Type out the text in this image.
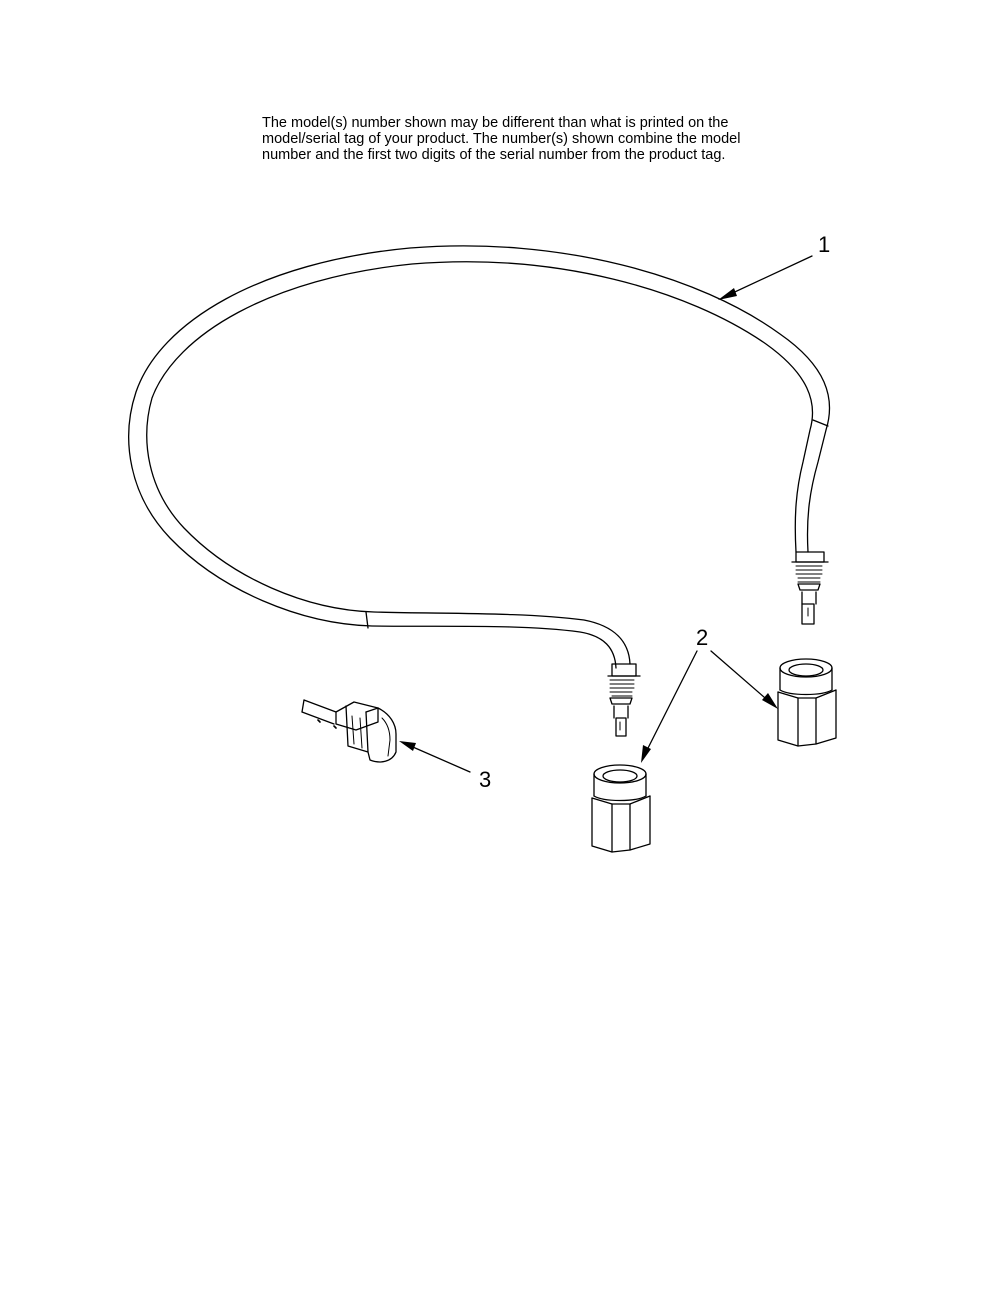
The model(s) number shown may be different than what is printed on the
model/serial tag of your product. The number(s) shown combine the model
number and the first two digits of the serial number from the product tag.
1
2
3
